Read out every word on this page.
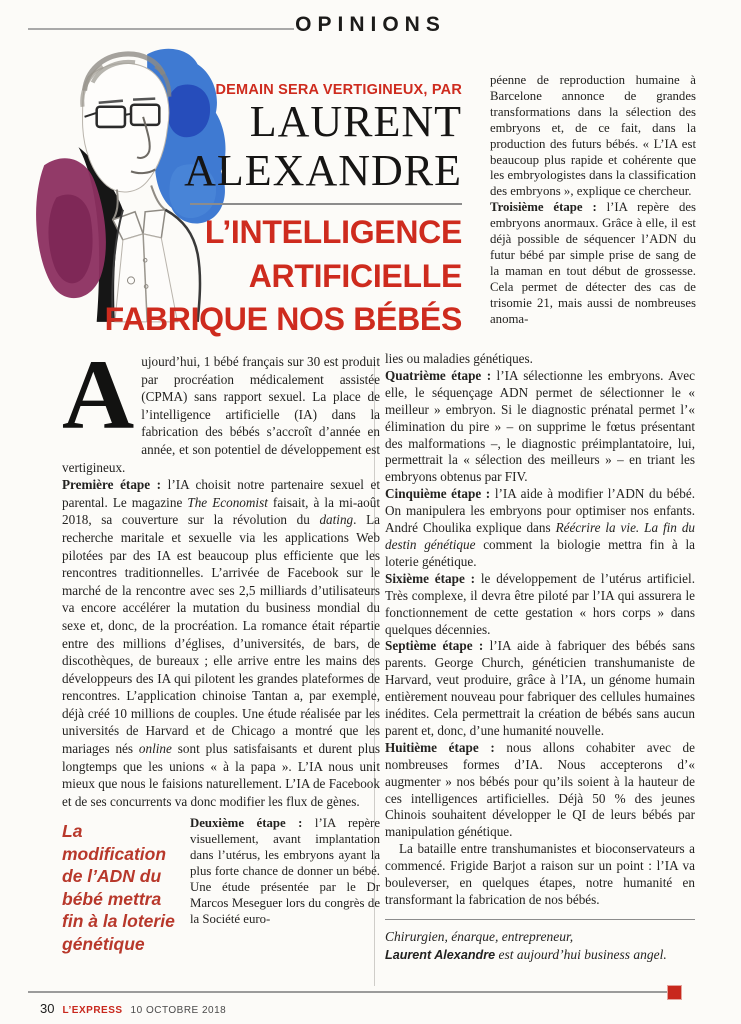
OPINIONS
DEMAIN SERA VERTIGINEUX, PAR
LAURENT
ALEXANDRE
L’INTELLIGENCE
ARTIFICIELLE
FABRIQUE NOS BÉBÉS

péenne de reproduction humaine à Barcelone annonce de grandes transformations dans la sélection des embryons et, de ce fait, dans la production des futurs bébés. « L’IA est beaucoup plus rapide et cohérente que les embryologistes dans la classification des embryons », explique ce chercheur.

Troisième étape : l’IA repère des embryons anormaux. Grâce à elle, il est déjà possible de séquencer l’ADN du futur bébé par simple prise de sang de la maman en tout début de grossesse. Cela permet de détecter des cas de trisomie 21, mais aussi de nombreuses anoma-

Aujourd’hui, 1 bébé français sur 30 est produit par procréation médicalement assistée (CPMA) sans rapport sexuel. La place de l’intelligence artificielle (IA) dans la fabrication des bébés s’accroît d’année en année, et son potentiel de développement est vertigineux.

Première étape : l’IA choisit notre partenaire sexuel et parental. Le magazine The Economist faisait, à la mi-août 2018, sa couverture sur la révolution du dating. La recherche maritale et sexuelle via les applications Web pilotées par des IA est beaucoup plus efficiente que les rencontres traditionnelles. L’arrivée de Facebook sur le marché de la rencontre avec ses 2,5 milliards d’utilisateurs va encore accélérer la mutation du business mondial du sexe et, donc, de la procréation. La romance était répartie entre des millions d’églises, d’universités, de bars, de discothèques, de bureaux ; elle arrive entre les mains des développeurs des IA qui pilotent les grandes plateformes de rencontres. L’application chinoise Tantan a, par exemple, déjà créé 10 millions de couples. Une étude réalisée par les universités de Harvard et de Chicago a montré que les mariages nés online sont plus satisfaisants et durent plus longtemps que les unions « à la papa ». L’IA nous unit mieux que nous le faisions naturellement. L’IA de Facebook et de ses concurrents va donc modifier les flux de gènes.

La modification de l’ADN du bébé mettra fin à la loterie génétique

Deuxième étape : l’IA repère visuellement, avant implantation dans l’utérus, les embryons ayant la plus forte chance de donner un bébé. Une étude présentée par le Dr Marcos Meseguer lors du congrès de la Société euro-

lies ou maladies génétiques.

Quatrième étape : l’IA sélectionne les embryons. Avec elle, le séquençage ADN permet de sélectionner le « meilleur » embryon. Si le diagnostic prénatal permet l’« élimination du pire » – on supprime le fœtus présentant des malformations –, le diagnostic préimplantatoire, lui, permettrait la « sélection des meilleurs » – en triant les embryons obtenus par FIV.

Cinquième étape : l’IA aide à modifier l’ADN du bébé. On manipulera les embryons pour optimiser nos enfants. André Choulika explique dans Réécrire la vie. La fin du destin génétique comment la biologie mettra fin à la loterie génétique.

Sixième étape : le développement de l’utérus artificiel. Très complexe, il devra être piloté par l’IA qui assurera le fonctionnement de cette gestation « hors corps » dans quelques décennies.

Septième étape : l’IA aide à fabriquer des bébés sans parents. George Church, généticien transhumaniste de Harvard, veut produire, grâce à l’IA, un génome humain entièrement nouveau pour fabriquer des cellules humaines inédites. Cela permettrait la création de bébés sans aucun parent et, donc, d’une humanité nouvelle.

Huitième étape : nous allons cohabiter avec de nombreuses formes d’IA. Nous accepterons d’« augmenter » nos bébés pour qu’ils soient à la hauteur de ces intelligences artificielles. Déjà 50 % des jeunes Chinois souhaitent développer le QI de leurs bébés par manipulation génétique.

La bataille entre transhumanistes et bioconservateurs a commencé. Frigide Barjot a raison sur un point : l’IA va bouleverser, en quelques étapes, notre humanité en transformant la fabrication de nos bébés.

Chirurgien, énarque, entrepreneur,

Laurent Alexandre est aujourd’hui business angel.

30 L’EXPRESS 10 OCTOBRE 2018
